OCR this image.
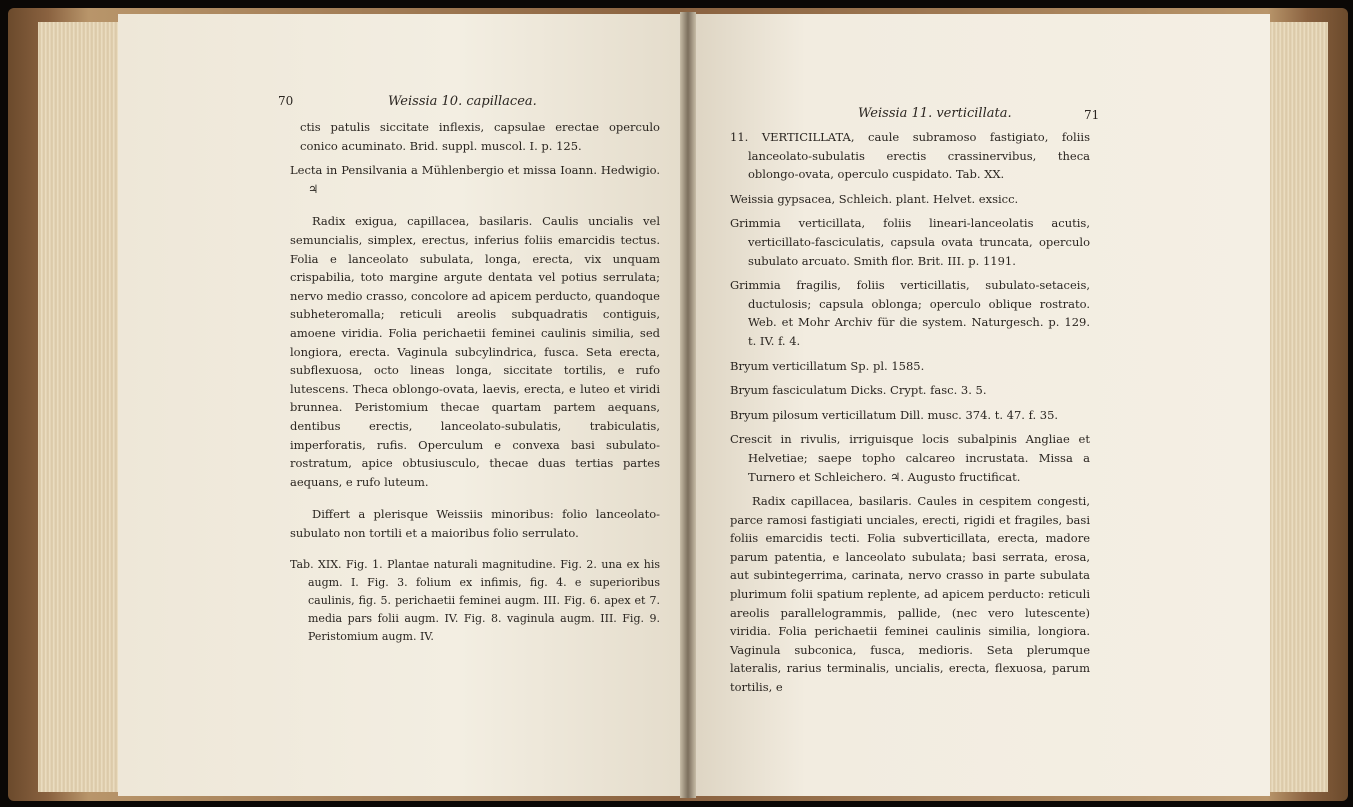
70	Weissia 10. capillacea.

ctis patulis siccitate inflexis, capsulae erectae operculo conico acuminato. Brid. suppl. muscol. I. p. 125.

Lecta in Pensilvania a Mühlenbergio et missa Ioann. Hedwigio. ♃

Radix exigua, capillacea, basilaris. Caulis uncialis vel semuncialis, simplex, erectus, inferius foliis emarcidis tectus. Folia e lanceolato subulata, longa, erecta, vix unquam crispabilia, toto margine argute dentata vel potius serrulata; nervo medio crasso, concolore ad apicem perducto, quandoque subheteromalla; reticuli areolis subquadratis contiguis, amoene viridia. Folia perichaetii feminei caulinis similia, sed longiora, erecta. Vaginula subcylindrica, fusca. Seta erecta, subflexuosa, octo lineas longa, siccitate tortilis, e rufo lutescens. Theca oblongo-ovata, laevis, erecta, e luteo et viridi brunnea. Peristomium thecae quartam partem aequans, dentibus erectis, lanceolato-subulatis, trabiculatis, imperforatis, rufis. Operculum e convexa basi subulato-rostratum, apice obtusiusculo, thecae duas tertias partes aequans, e rufo luteum.

Differt a plerisque Weissiis minoribus: folio lanceolato-subulato non tortili et a maioribus folio serrulato.

Tab. XIX. Fig. 1. Plantae naturali magnitudine. Fig. 2. una ex his augm. I. Fig. 3. folium ex infimis, fig. 4. e superioribus caulinis, fig. 5. perichaetii feminei augm. III. Fig. 6. apex et 7. media pars folii augm. IV. Fig. 8. vaginula augm. III. Fig. 9. Peristomium augm. IV.

Weissia 11. verticillata.	71

11. VERTICILLATA, caule subramoso fastigiato, foliis lanceolato-subulatis erectis crassinervibus, theca oblongo-ovata, operculo cuspidato. Tab. XX.

Weissia gypsacea, Schleich. plant. Helvet. exsicc.

Grimmia verticillata, foliis lineari-lanceolatis acutis, verticillato-fasciculatis, capsula ovata truncata, operculo subulato arcuato. Smith flor. Brit. III. p. 1191.

Grimmia fragilis, foliis verticillatis, subulato-setaceis, ductulosis; capsula oblonga; operculo oblique rostrato. Web. et Mohr Archiv für die system. Naturgesch. p. 129. t. IV. f. 4.

Bryum verticillatum Sp. pl. 1585.

Bryum fasciculatum Dicks. Crypt. fasc. 3. 5.

Bryum pilosum verticillatum Dill. musc. 374. t. 47. f. 35.

Crescit in rivulis, irriguisque locis subalpinis Angliae et Helvetiae; saepe topho calcareo incrustata. Missa a Turnero et Schleichero. ♃. Augusto fructificat.

Radix capillacea, basilaris. Caules in cespitem congesti, parce ramosi fastigiati unciales, erecti, rigidi et fragiles, basi foliis emarcidis tecti. Folia subverticillata, erecta, madore parum patentia, e lanceolato subulata; basi serrata, erosa, aut subintegerrima, carinata, nervo crasso in parte subulata plurimum folii spatium replente, ad apicem perducto: reticuli areolis parallelogrammis, pallide, (nec vero lutescente) viridia. Folia perichaetii feminei caulinis similia, longiora. Vaginula subconica, fusca, medioris. Seta plerumque lateralis, rarius terminalis, uncialis, erecta, flexuosa, parum tortilis, e
